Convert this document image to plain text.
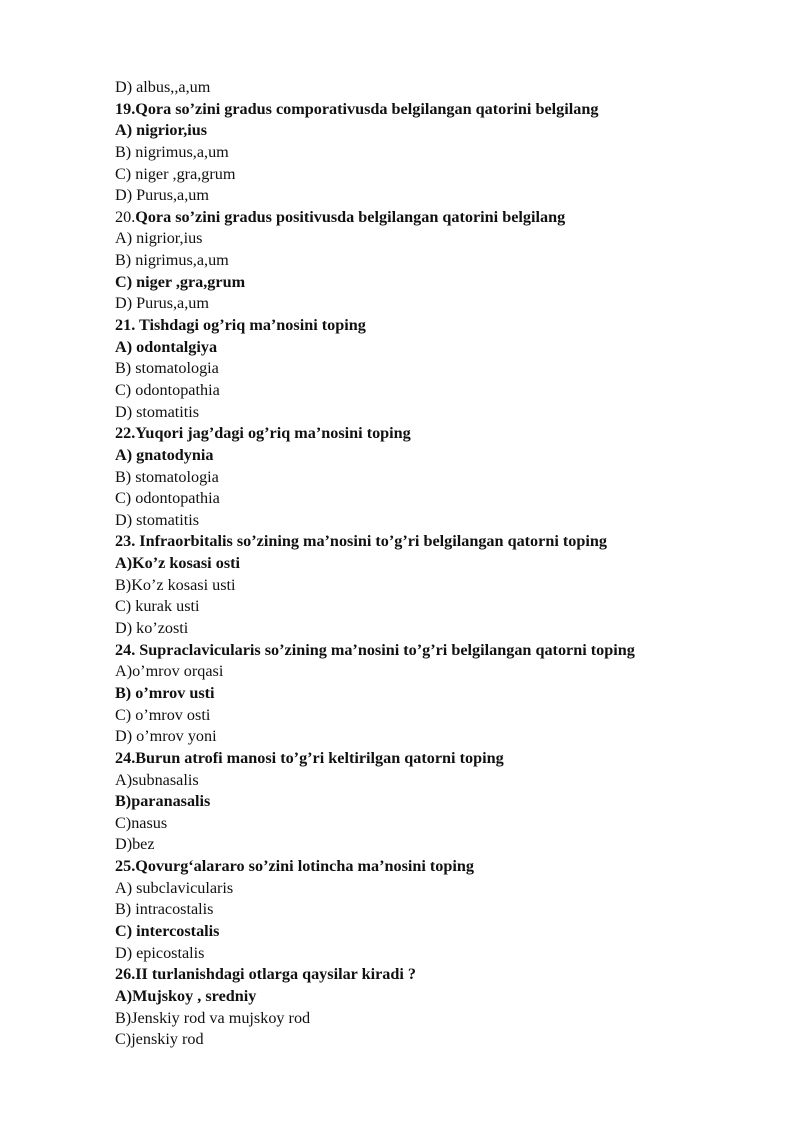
D) albus,,a,um
19.Qora so’zini gradus comporativusda belgilangan qatorini belgilang
A) nigrior,ius
B) nigrimus,a,um
C) niger ,gra,grum
D) Purus,a,um
20.Qora so’zini gradus positivusda belgilangan qatorini belgilang
A) nigrior,ius
B) nigrimus,a,um
C) niger ,gra,grum
D) Purus,a,um
21. Tishdagi og’riq ma’nosini toping
A) odontalgiya
B) stomatologia
C) odontopathia
D) stomatitis
22.Yuqori jag’dagi og’riq ma’nosini toping
A) gnatodynia
B) stomatologia
C) odontopathia
D) stomatitis
23. Infraorbitalis so’zining ma’nosini to’g’ri belgilangan qatorni toping
A)Ko’z kosasi osti
B)Ko’z kosasi usti
C) kurak usti
D) ko’zosti
24. Supraclavicularis so’zining ma’nosini to’g’ri belgilangan qatorni toping
A)o’mrov orqasi
B) o’mrov usti
C) o’mrov osti
D) o’mrov yoni
24.Burun atrofi manosi to’g’ri keltirilgan qatorni toping
A)subnasalis
B)paranasalis
C)nasus
D)bez
25.Qovurg‘alararo so’zini lotincha ma’nosini toping
A) subclavicularis
B) intracostalis
C) intercostalis
D) epicostalis
26.II turlanishdagi otlarga qaysilar kiradi ?
A)Mujskoy , sredniy
B)Jenskiy rod va mujskoy rod
C)jenskiy rod
